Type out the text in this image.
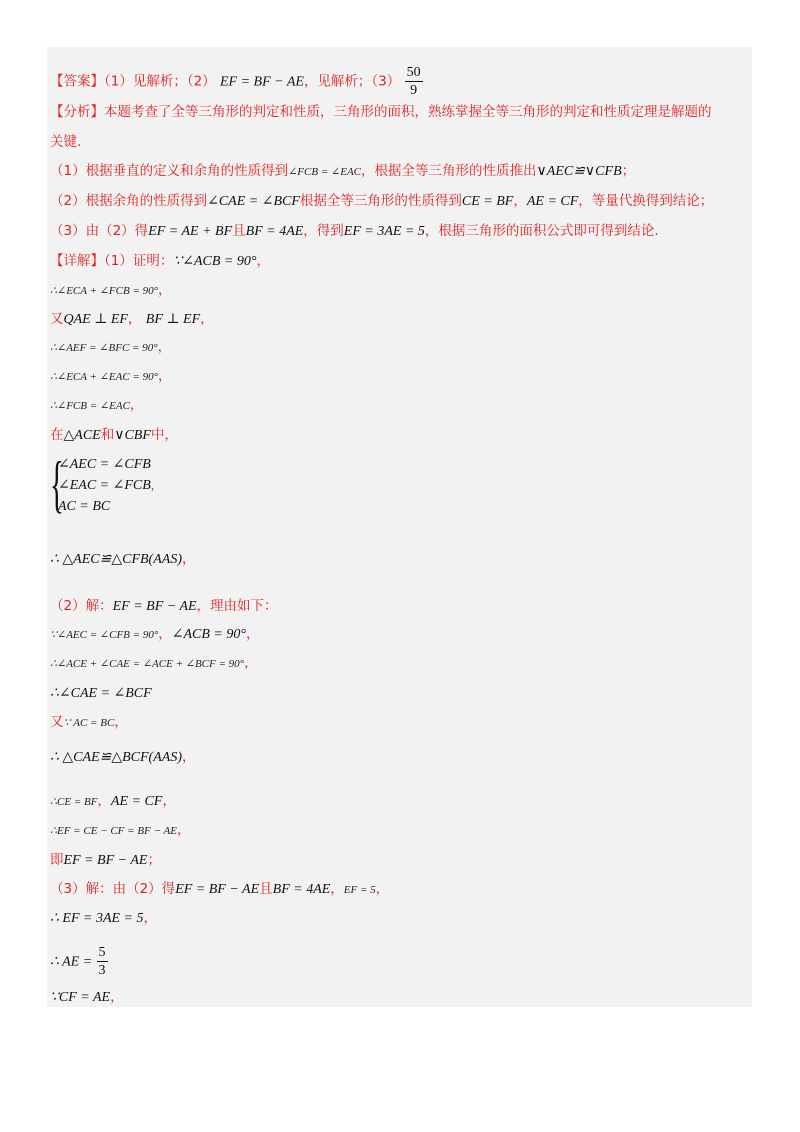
【答案】（1）见解析；（2） EF = BF − AE，见解析；$(3) \frac{50}{9}$
【分析】本题考查了全等三角形的判定和性质，三角形的面积，熟练掌握全等三角形的判定和性质定理是解题的
关键.
（1）根据垂直的定义和余角的性质得到∠FCB = ∠EAC，根据全等三角形的性质推出∨AEC≌∨CFB；
（2）根据余角的性质得到∠CAE = ∠BCF根据全等三角形的性质得到CE = BF，AE = CF，等量代换得到结论；
（3）由（2）得EF = AE + BF且BF = 4AE，得到EF = 3AE = 5，根据三角形的面积公式即可得到结论.
【详解】（1）证明：∵∠ACB = 90°，
∴∠ECA + ∠FCB = 90°，
又QAE ⊥ EF， BF ⊥ EF，
∴∠AEF = ∠BFC = 90°，
∴∠ECA + ∠EAC = 90°，
∴∠FCB = ∠EAC，
在△ACE和∨CBF中，
{
∠AEC = ∠CFB
∠EAC = ∠FCB，
AC = BC
∴ △AEC≌△CFB(AAS)，
（2）解：EF = BF − AE，理由如下：
∵∠AEC = ∠CFB = 90°，∠ACB = 90°，
∴∠ACE + ∠CAE = ∠ACE + ∠BCF = 90°，
∴∠CAE = ∠BCF
又∵ AC = BC，
∴ △CAE≌△BCF(AAS)，
∴CE = BF，AE = CF，
∴EF = CE − CF = BF − AE，
即EF = BF − AE；
（3）解：由（2）得EF = BF − AE且BF = 4AE，EF = 5，
∴ EF = 3AE = 5，
∴ AE = $\frac{5}{3}$
∵CF = AE，
